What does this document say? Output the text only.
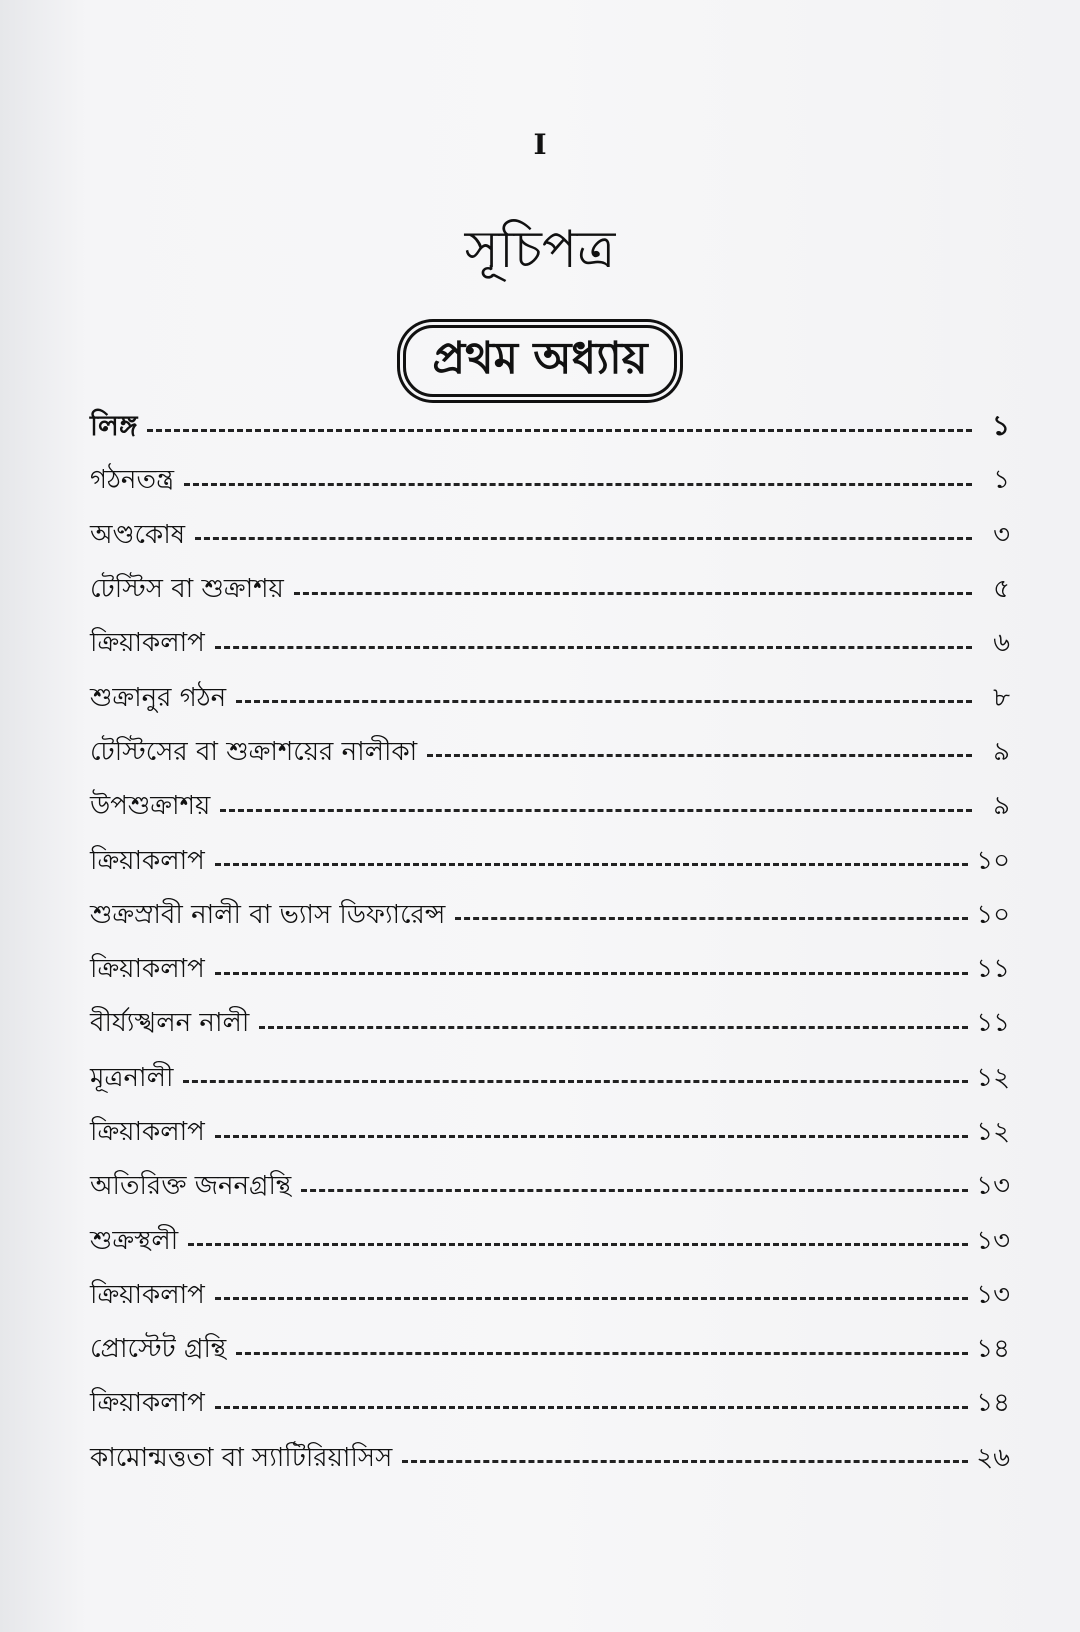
I
সূচিপত্র
প্রথম অধ্যায়
লিঙ্গ	১
গঠনতন্ত্র	১
অণ্ডকোষ	৩
টেস্টিস বা শুক্রাশয়	৫
ক্রিয়াকলাপ	৬
শুক্রানুর গঠন	৮
টেস্টিসের বা শুক্রাশয়ের নালীকা	৯
উপশুক্রাশয়	৯
ক্রিয়াকলাপ	১০
শুক্রস্রাবী নালী বা ভ্যাস ডিফ্যারেন্স	১০
ক্রিয়াকলাপ	১১
বীর্য্যস্খলন নালী	১১
মূত্রনালী	১২
ক্রিয়াকলাপ	১২
অতিরিক্ত জননগ্রন্থি	১৩
শুক্রস্থলী	১৩
ক্রিয়াকলাপ	১৩
প্রোস্টেট গ্রন্থি	১৪
ক্রিয়াকলাপ	১৪
কামোন্মত্ততা বা স্যাটিরিয়াসিস	২৬
